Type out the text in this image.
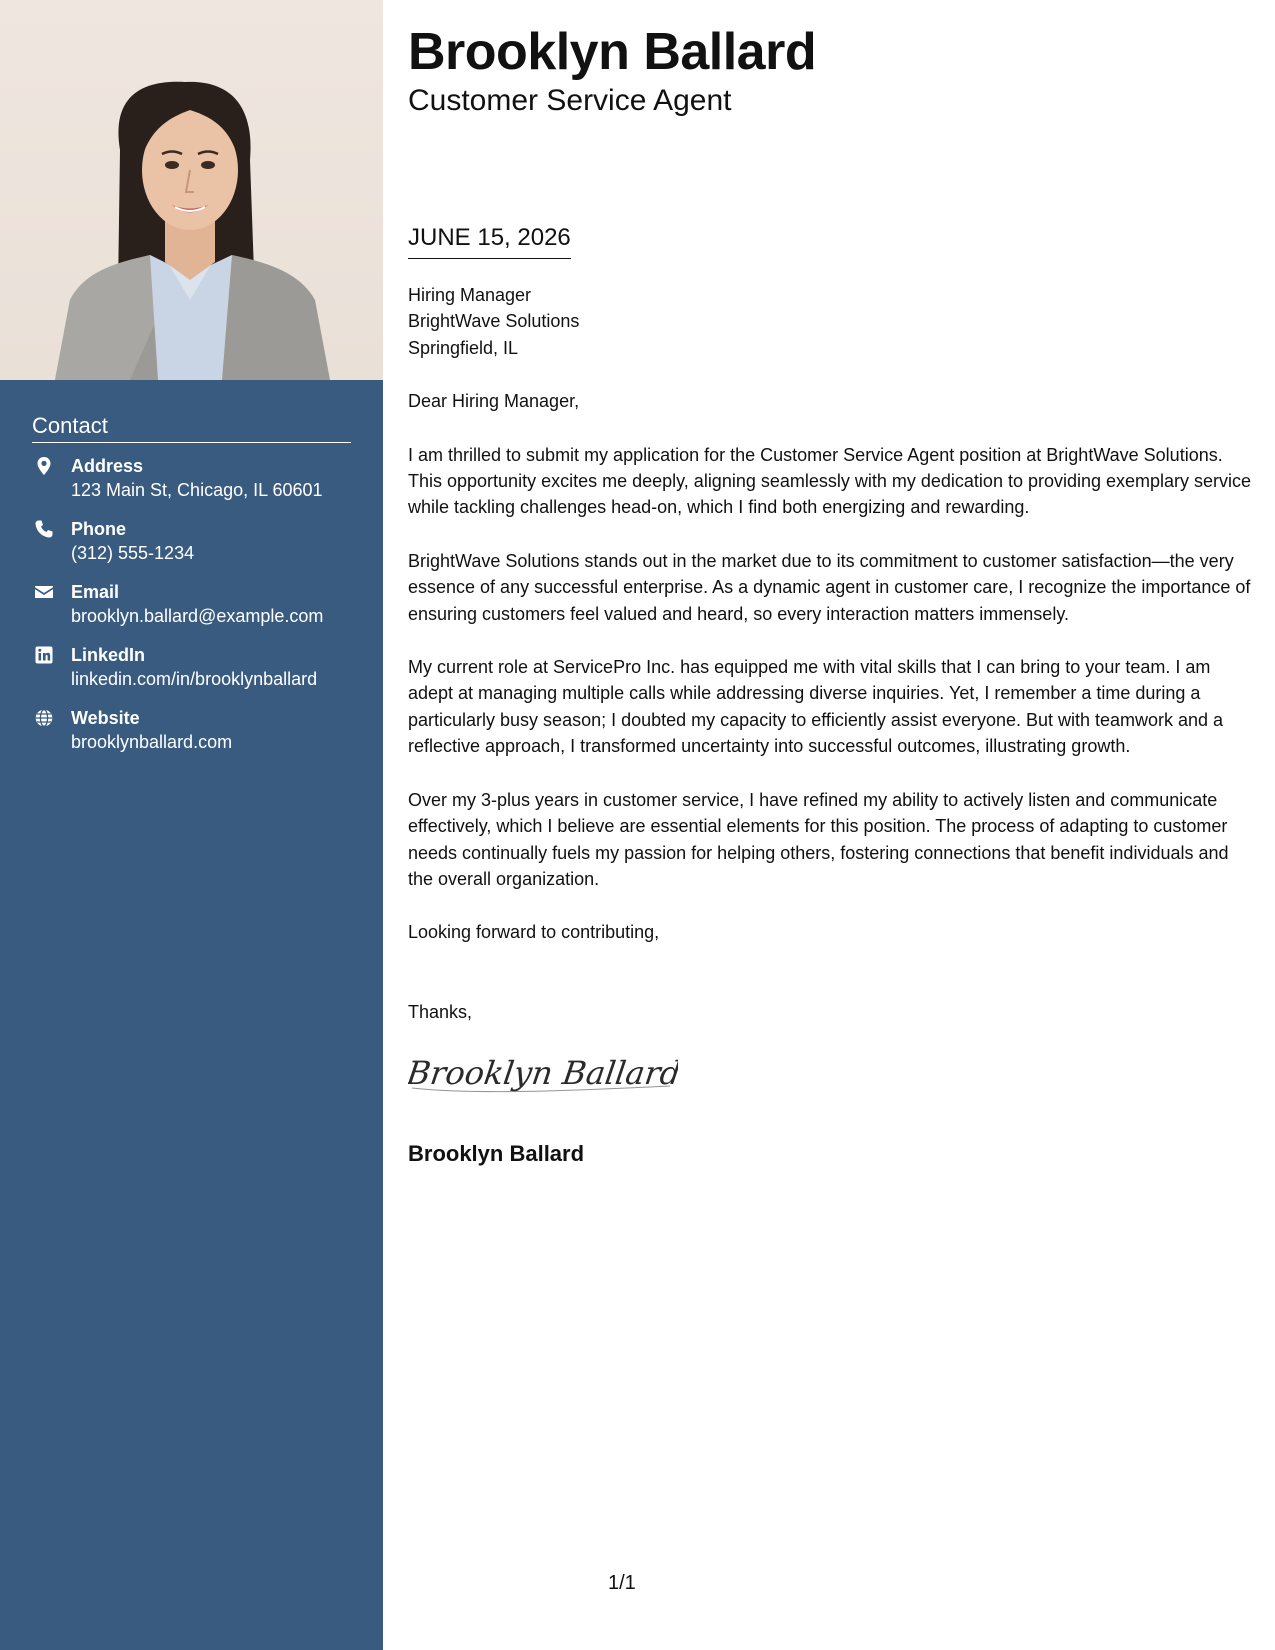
Contact
Address
123 Main St, Chicago, IL 60601
Phone
(312) 555-1234
Email
brooklyn.ballard@example.com
LinkedIn
linkedin.com/in/brooklynballard
Website
brooklynballard.com
Brooklyn Ballard
Customer Service Agent
JUNE 15, 2026
Hiring Manager
BrightWave Solutions
Springfield, IL
Dear Hiring Manager,

I am thrilled to submit my application for the Customer Service Agent position at BrightWave Solutions. This opportunity excites me deeply, aligning seamlessly with my dedication to providing exemplary service while tackling challenges head-on, which I find both energizing and rewarding.

BrightWave Solutions stands out in the market due to its commitment to customer satisfaction—the very essence of any successful enterprise. As a dynamic agent in customer care, I recognize the importance of ensuring customers feel valued and heard, so every interaction matters immensely.

My current role at ServicePro Inc. has equipped me with vital skills that I can bring to your team. I am adept at managing multiple calls while addressing diverse inquiries. Yet, I remember a time during a particularly busy season; I doubted my capacity to efficiently assist everyone. But with teamwork and a reflective approach, I transformed uncertainty into successful outcomes, illustrating growth.

Over my 3-plus years in customer service, I have refined my ability to actively listen and communicate effectively, which I believe are essential elements for this position. The process of adapting to customer needs continually fuels my passion for helping others, fostering connections that benefit individuals and the overall organization.

Looking forward to contributing,
Thanks,
Brooklyn Ballard
Brooklyn Ballard
1/1
